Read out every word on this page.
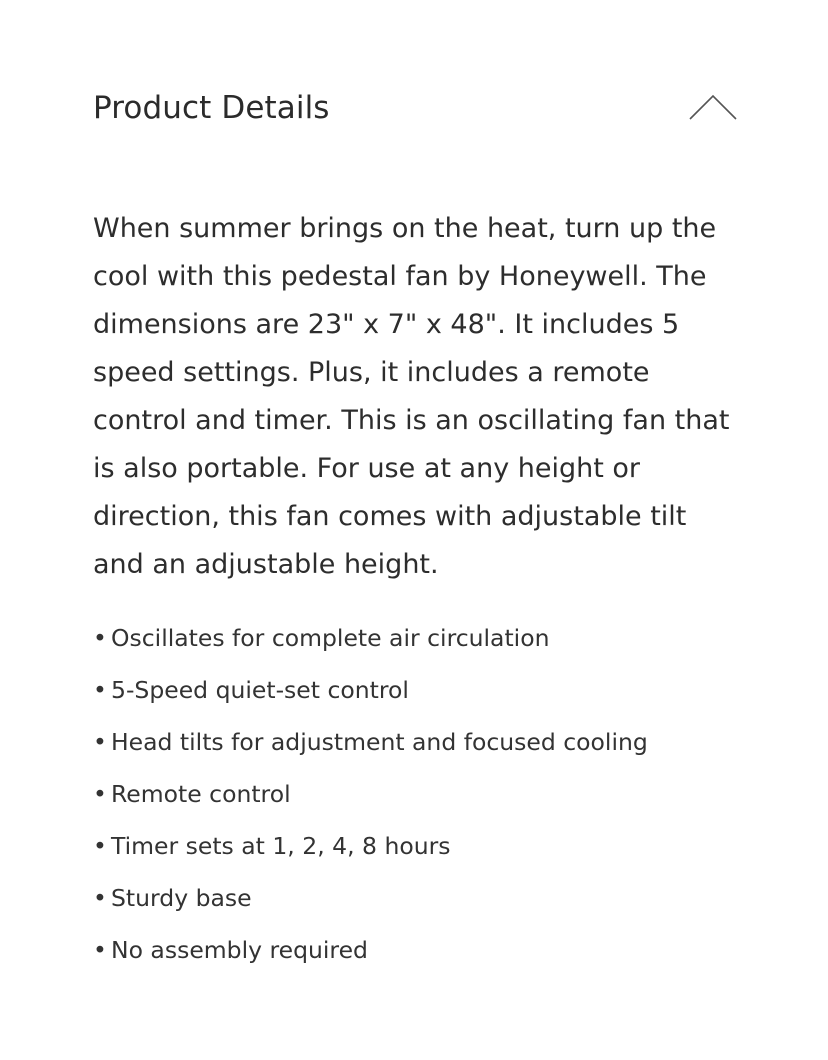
Product Details

When summer brings on the heat, turn up the cool with this pedestal fan by Honeywell. The dimensions are 23" x 7" x 48". It includes 5 speed settings. Plus, it includes a remote control and timer. This is an oscillating fan that is also portable. For use at any height or direction, this fan comes with adjustable tilt and an adjustable height.

• Oscillates for complete air circulation
• 5-Speed quiet-set control
• Head tilts for adjustment and focused cooling
• Remote control
• Timer sets at 1, 2, 4, 8 hours
• Sturdy base
• No assembly required
